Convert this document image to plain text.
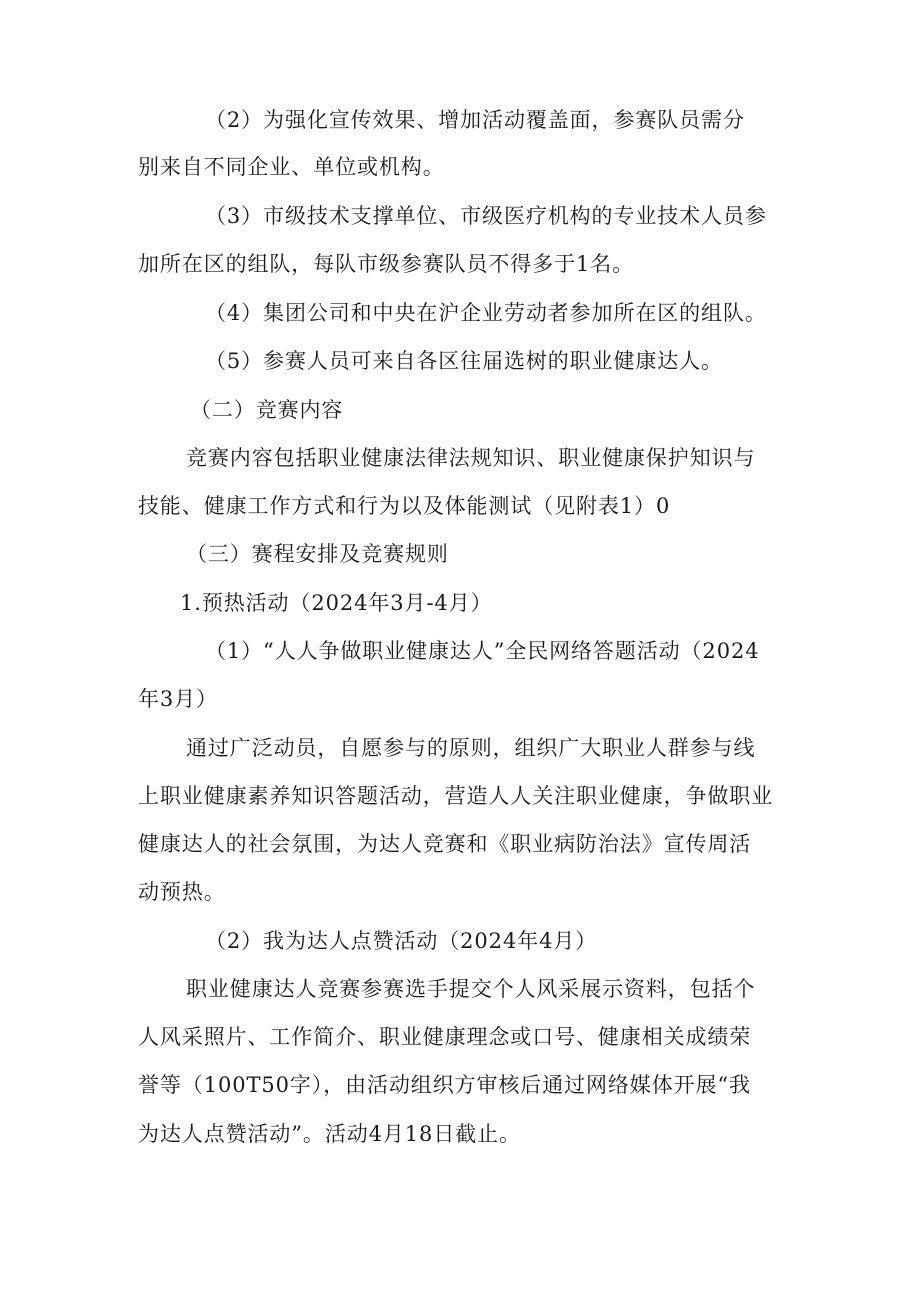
（2）为强化宣传效果、增加活动覆盖面，参赛队员需分
别来自不同企业、单位或机构。
（3）市级技术支撑单位、市级医疗机构的专业技术人员参
加所在区的组队，每队市级参赛队员不得多于1名。
（4）集团公司和中央在沪企业劳动者参加所在区的组队。
（5）参赛人员可来自各区往届选树的职业健康达人。
（二）竞赛内容
竞赛内容包括职业健康法律法规知识、职业健康保护知识与
技能、健康工作方式和行为以及体能测试（见附表1）0
（三）赛程安排及竞赛规则
1.预热活动（2024年3月-4月）
（1）“人人争做职业健康达人”全民网络答题活动（2024
年3月）
通过广泛动员，自愿参与的原则，组织广大职业人群参与线
上职业健康素养知识答题活动，营造人人关注职业健康，争做职业
健康达人的社会氛围，为达人竞赛和《职业病防治法》宣传周活
动预热。
（2）我为达人点赞活动（2024年4月）
职业健康达人竞赛参赛选手提交个人风采展示资料，包括个
人风采照片、工作简介、职业健康理念或口号、健康相关成绩荣
誉等（100T50字），由活动组织方审核后通过网络媒体开展“我
为达人点赞活动”。活动4月18日截止。
